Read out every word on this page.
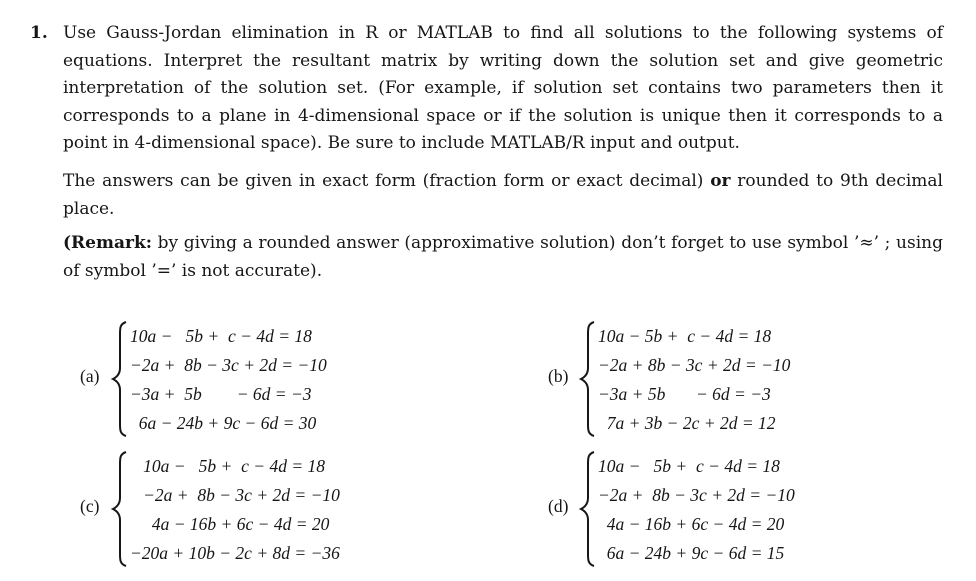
1. Use Gauss-Jordan elimination in R or MATLAB to find all solutions to the following systems of equations. Interpret the resultant matrix by writing down the solution set and give geometric interpretation of the solution set. (For example, if solution set contains two parameters then it corresponds to a plane in 4-dimensional space or if the solution is unique then it corresponds to a point in 4-dimensional space). Be sure to include MATLAB/R input and output.

The answers can be given in exact form (fraction form or exact decimal) or rounded to 9th decimal place.

(Remark: by giving a rounded answer (approximative solution) don’t forget to use symbol ’≈’ ; using of symbol ’=’ is not accurate).

(a)
10a −   5b +  c − 4d = 18
−2a +  8b − 3c + 2d = −10
−3a +  5b        − 6d = −3
6a − 24b + 9c − 6d = 30
(b)
10a − 5b +  c − 4d = 18
−2a + 8b − 3c + 2d = −10
−3a + 5b       − 6d = −3
7a + 3b − 2c + 2d = 12
(c)
10a −   5b +  c − 4d = 18
−2a +  8b − 3c + 2d = −10
4a − 16b + 6c − 4d = 20
−20a + 10b − 2c + 8d = −36
(d)
10a −   5b +  c − 4d = 18
−2a +  8b − 3c + 2d = −10
4a − 16b + 6c − 4d = 20
6a − 24b + 9c − 6d = 15
